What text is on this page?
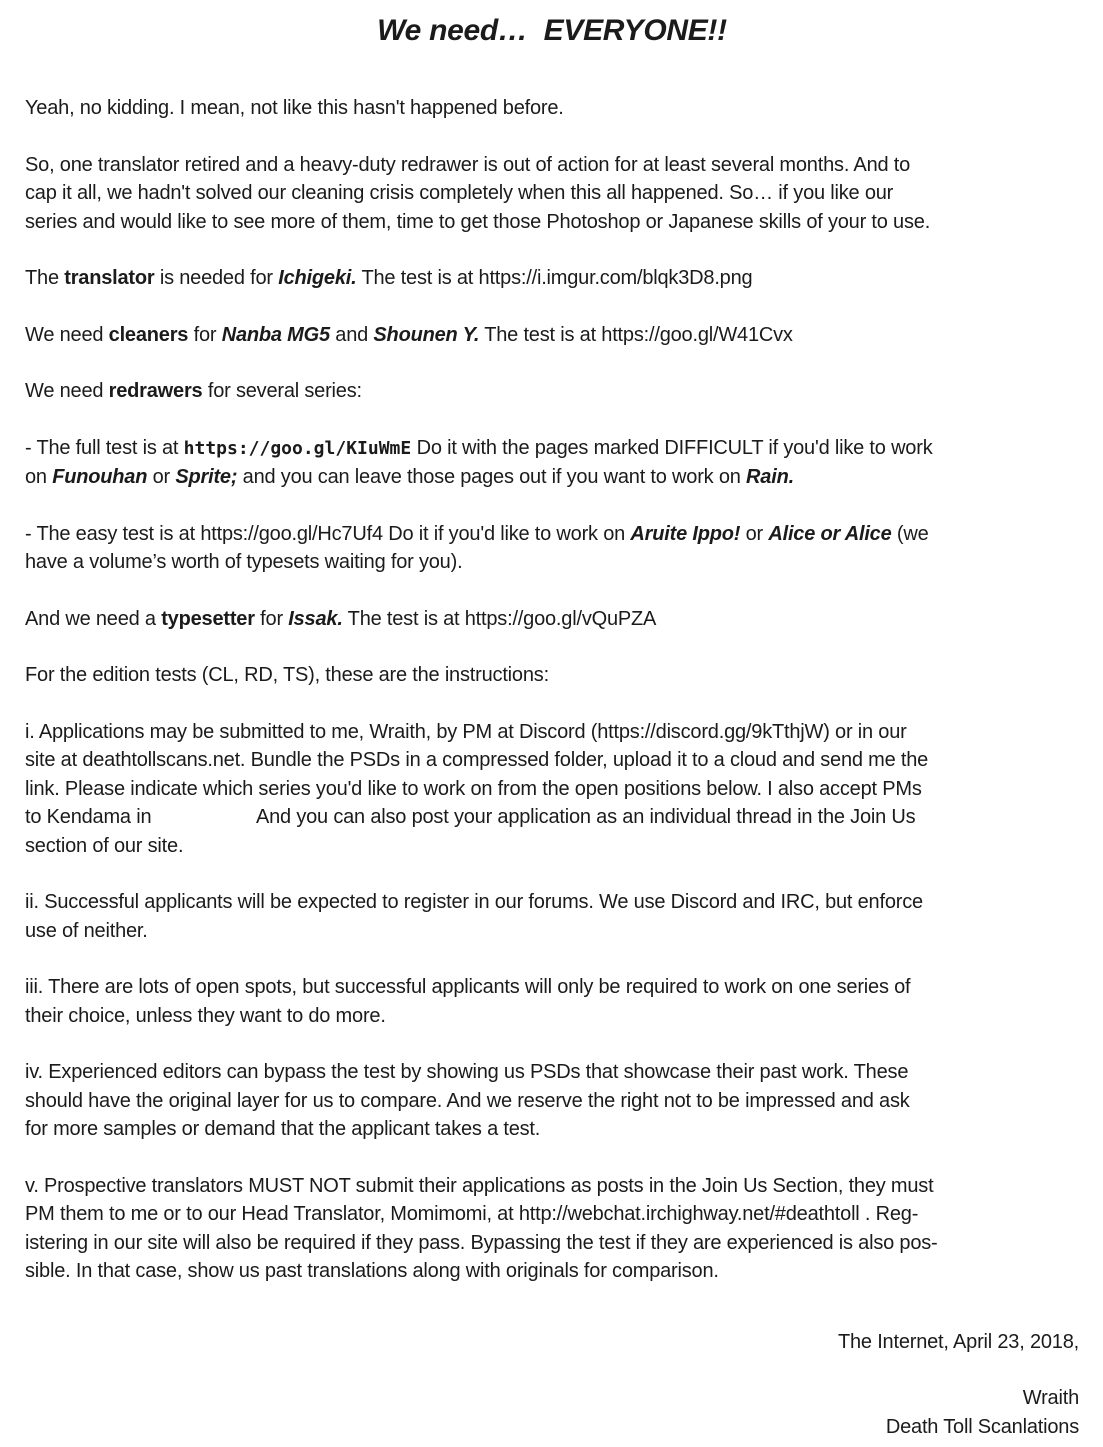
We need…  EVERYONE!!
Yeah, no kidding. I mean, not like this hasn't happened before.
So, one translator retired and a heavy-duty redrawer is out of action for at least several months. And to
cap it all, we hadn't solved our cleaning crisis completely when this all happened. So… if you like our
series and would like to see more of them, time to get those Photoshop or Japanese skills of your to use.
The translator is needed for Ichigeki. The test is at https://i.imgur.com/blqk3D8.png
We need cleaners for Nanba MG5 and Shounen Y. The test is at https://goo.gl/W41Cvx
We need redrawers for several series:
- The full test is at https://goo.gl/KIuWmE Do it with the pages marked DIFFICULT if you'd like to work
on Funouhan or Sprite; and you can leave those pages out if you want to work on Rain.
- The easy test is at https://goo.gl/Hc7Uf4 Do it if you'd like to work on Aruite Ippo! or Alice or Alice (we
have a volume’s worth of typesets waiting for you).
And we need a typesetter for Issak. The test is at https://goo.gl/vQuPZA
For the edition tests (CL, RD, TS), these are the instructions:
i. Applications may be submitted to me, Wraith, by PM at Discord (https://discord.gg/9kTthjW) or in our
site at deathtollscans.net. Bundle the PSDs in a compressed folder, upload it to a cloud and send me the
link. Please indicate which series you'd like to work on from the open positions below. I also accept PMs
to Kendama in	And you can also post your application as an individual thread in the Join Us
section of our site.
ii. Successful applicants will be expected to register in our forums. We use Discord and IRC, but enforce
use of neither.
iii. There are lots of open spots, but successful applicants will only be required to work on one series of
their choice, unless they want to do more.
iv. Experienced editors can bypass the test by showing us PSDs that showcase their past work. These
should have the original layer for us to compare. And we reserve the right not to be impressed and ask
for more samples or demand that the applicant takes a test.
v. Prospective translators MUST NOT submit their applications as posts in the Join Us Section, they must
PM them to me or to our Head Translator, Momimomi, at http://webchat.irchighway.net/#deathtoll . Reg-
istering in our site will also be required if they pass. Bypassing the test if they are experienced is also pos-
sible. In that case, show us past translations along with originals for comparison.
The Internet, April 23, 2018,
Wraith
Death Toll Scanlations
